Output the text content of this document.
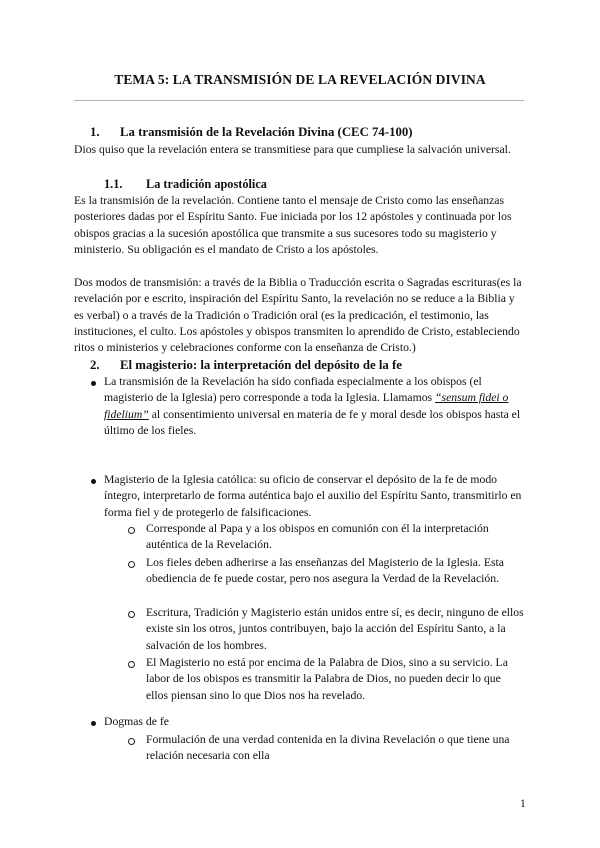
TEMA 5: LA TRANSMISIÓN DE LA REVELACIÓN DIVINA
1. La transmisión de la Revelación Divina (CEC 74-100)
Dios quiso que la revelación entera se transmitiese para que cumpliese la salvación universal.
1.1. La tradición apostólica
Es la transmisión de la revelación. Contiene tanto el mensaje de Cristo como las enseñanzas posteriores dadas por el Espíritu Santo. Fue iniciada por los 12 apóstoles y continuada por los obispos gracias a la sucesión apostólica que transmite a sus sucesores todo su magisterio y ministerio. Su obligación es el mandato de Cristo a los apóstoles.
Dos modos de transmisión: a través de la Biblia o Traducción escrita o Sagradas escrituras(es la revelación por e escrito, inspiración del Espíritu Santo, la revelación no se reduce a la Biblia y es verbal) o a través de la Tradición o Tradición oral (es la predicación, el testimonio, las instituciones, el culto. Los apóstoles y obispos transmiten lo aprendido de Cristo, estableciendo ritos o ministerios y celebraciones conforme con la enseñanza de Cristo.)
2. El magisterio: la interpretación del depósito de la fe
La transmisión de la Revelación ha sido confiada especialmente a los obispos (el magisterio de la Iglesia) pero corresponde a toda la Iglesia. Llamamos “sensum fidei o fidelium” al consentimiento universal en materia de fe y moral desde los obispos hasta el último de los fieles.
Magisterio de la Iglesia católica: su oficio de conservar el depósito de la fe de modo íntegro, interpretarlo de forma auténtica bajo el auxilio del Espíritu Santo, transmitirlo en forma fiel y de protegerlo de falsificaciones.
Corresponde al Papa y a los obispos en comunión con él la interpretación auténtica de la Revelación.
Los fieles deben adherirse a las enseñanzas del Magisterio de la Iglesia. Esta obediencia de fe puede costar, pero nos asegura la Verdad de la Revelación.
Escritura, Tradición y Magisterio están unidos entre sí, es decir, ninguno de ellos existe sin los otros, juntos contribuyen, bajo la acción del Espíritu Santo, a la salvación de los hombres.
El Magisterio no está por encima de la Palabra de Dios, sino a su servicio. La labor de los obispos es transmitir la Palabra de Dios, no pueden decir lo que ellos piensan sino lo que Dios nos ha revelado.
Dogmas de fe
Formulación de una verdad contenida en la divina Revelación o que tiene una relación necesaria con ella
1
